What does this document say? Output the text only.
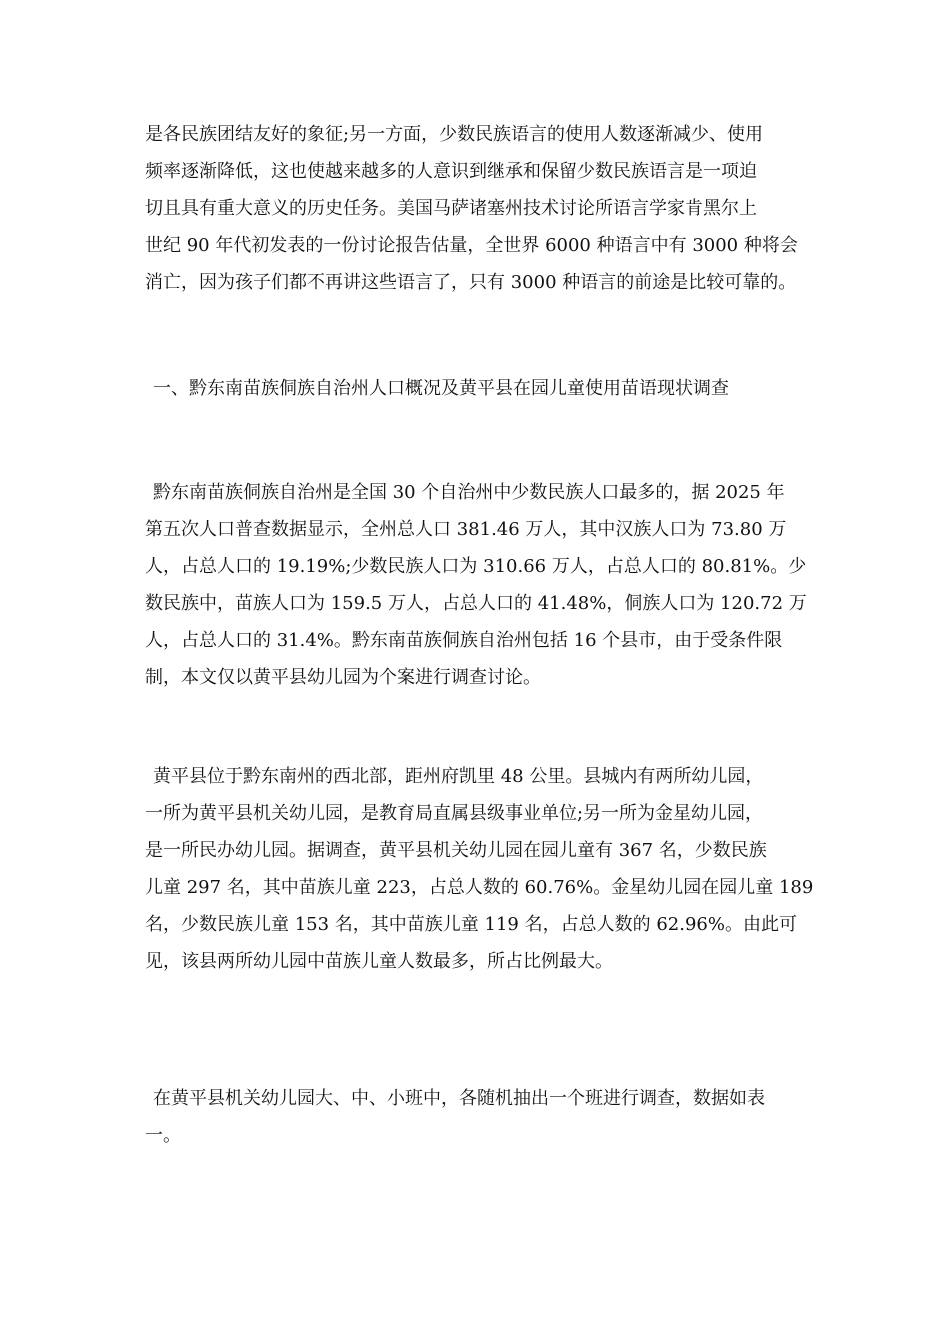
是各民族团结友好的象征;另一方面，少数民族语言的使用人数逐渐减少、使用
频率逐渐降低，这也使越来越多的人意识到继承和保留少数民族语言是一项迫
切且具有重大意义的历史任务。美国马萨诸塞州技术讨论所语言学家肯黑尔上
世纪 90 年代初发表的一份讨论报告估量，全世界 6000 种语言中有 3000 种将会
消亡，因为孩子们都不再讲这些语言了，只有 3000 种语言的前途是比较可靠的。
一、黔东南苗族侗族自治州人口概况及黄平县在园儿童使用苗语现状调查
黔东南苗族侗族自治州是全国 30 个自治州中少数民族人口最多的，据 2025 年
第五次人口普查数据显示，全州总人口 381.46 万人，其中汉族人口为 73.80 万
人，占总人口的 19.19%;少数民族人口为 310.66 万人，占总人口的 80.81%。少
数民族中，苗族人口为 159.5 万人，占总人口的 41.48%，侗族人口为 120.72 万
人，占总人口的 31.4%。黔东南苗族侗族自治州包括 16 个县市，由于受条件限
制，本文仅以黄平县幼儿园为个案进行调查讨论。
黄平县位于黔东南州的西北部，距州府凯里 48 公里。县城内有两所幼儿园，
一所为黄平县机关幼儿园，是教育局直属县级事业单位;另一所为金星幼儿园，
是一所民办幼儿园。据调查，黄平县机关幼儿园在园儿童有 367 名，少数民族
儿童 297 名，其中苗族儿童 223，占总人数的 60.76%。金星幼儿园在园儿童 189
名，少数民族儿童 153 名，其中苗族儿童 119 名，占总人数的 62.96%。由此可
见，该县两所幼儿园中苗族儿童人数最多，所占比例最大。
在黄平县机关幼儿园大、中、小班中，各随机抽出一个班进行调查，数据如表
一。
